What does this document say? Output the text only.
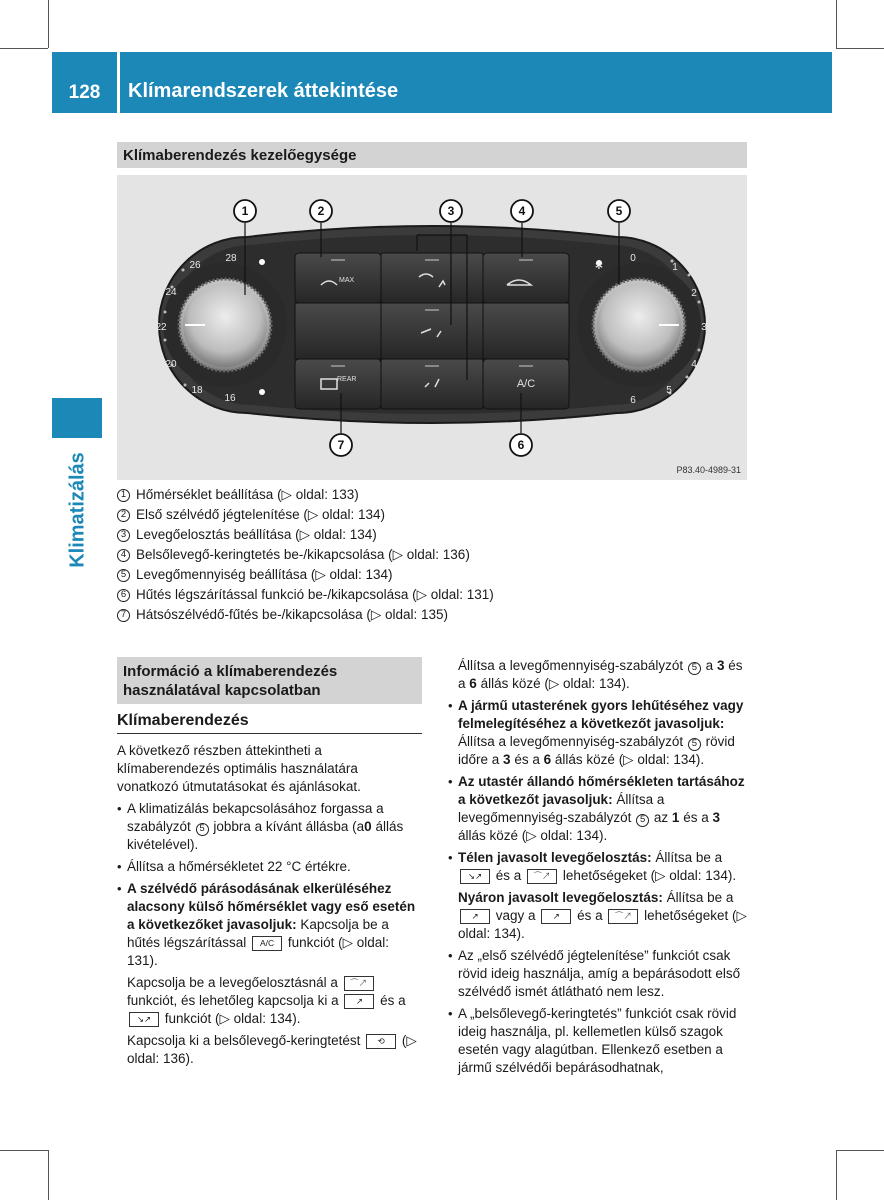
128	Klímarendszerek áttekintése
Klimatizálás
Klímaberendezés kezelőegysége
MAX
REAR	A/C
28
26
24
22
20
18
16
0
1
2
3
4
5
6
✲
1	2	3	4	5
6
7
P83.40-4989-31
1 Hőmérséklet beállítása (▷ oldal: 133)
2 Első szélvédő jégtelenítése (▷ oldal: 134)
3 Levegőelosztás beállítása (▷ oldal: 134)
4 Belsőlevegő-keringtetés be-/kikapcsolása (▷ oldal: 136)
5 Levegőmennyiség beállítása (▷ oldal: 134)
6 Hűtés légszárítással funkció be-/kikapcsolása (▷ oldal: 131)
7 Hátsószélvédő-fűtés be-/kikapcsolása (▷ oldal: 135)
Információ a klímaberendezés használatával kapcsolatban
Klímaberendezés

A következő részben áttekintheti a klímaberendezés optimális használatára vonatkozó útmutatásokat és ajánlásokat.

• A klimatizálás bekapcsolásához forgassa a szabályzót 5 jobbra a kívánt állásba (a0 állás kivételével).
• Állítsa a hőmérsékletet 22 °C értékre.
• A szélvédő párásodásának elkerüléséhez alacsony külső hőmérséklet vagy eső esetén a következőket javasoljuk: Kapcsolja be a hűtés légszárítással A/C funkciót (▷ oldal: 131).
Kapcsolja be a levegőelosztásnál a ⌒↗ funkciót, és lehetőleg kapcsolja ki a ↗ és a ↘↗ funkciót (▷ oldal: 134).
Kapcsolja ki a belsőlevegő-keringtetést ⟲ (▷ oldal: 136).
Állítsa a levegőmennyiség-szabályzót 5 a 3 és a 6 állás közé (▷ oldal: 134).
• A jármű utasterének gyors lehűtéséhez vagy felmelegítéséhez a következőt javasoljuk: Állítsa a levegőmennyiség-szabályzót 5 rövid időre a 3 és a 6 állás közé (▷ oldal: 134).
• Az utastér állandó hőmérsékleten tartásához a következőt javasoljuk: Állítsa a levegőmennyiség-szabályzót 5 az 1 és a 3 állás közé (▷ oldal: 134).
• Télen javasolt levegőelosztás: Állítsa be a ↘↗ és a ⌒↗ lehetőségeket (▷ oldal: 134).
Nyáron javasolt levegőelosztás: Állítsa be a ↗ vagy a ↗ és a ⌒↗ lehetőségeket (▷ oldal: 134).
• Az „első szélvédő jégtelenítése” funkciót csak rövid ideig használja, amíg a bepárásodott első szélvédő ismét átlátható nem lesz.
• A „belsőlevegő-keringtetés” funkciót csak rövid ideig használja, pl. kellemetlen külső szagok esetén vagy alagútban. Ellenkező esetben a jármű szélvédői bepárásodhatnak,
